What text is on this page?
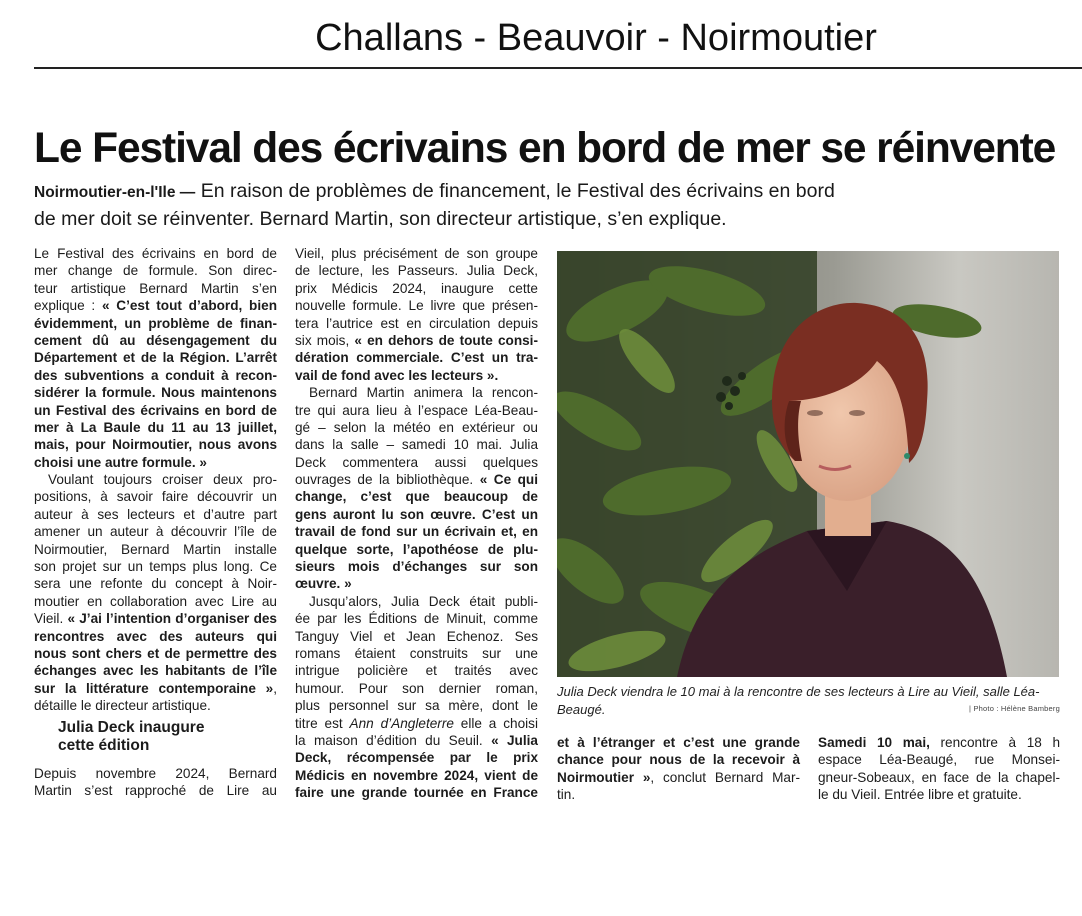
Challans - Beauvoir - Noirmoutier
Le Festival des écrivains en bord de mer se réinvente
Noirmoutier-en-l'Ile — En raison de problèmes de financement, le Festival des écrivains en bord
de mer doit se réinventer. Bernard Martin, son directeur artistique, s’en explique.
Le Festival des écrivains en bord de
mer change de formule. Son direc-
teur artistique Bernard Martin s’en
explique : « C’est tout d’abord, bien
évidemment, un problème de finan-
cement dû au désengagement du
Département et de la Région. L’arrêt
des subventions a conduit à recon-
sidérer la formule. Nous maintenons
un Festival des écrivains en bord de
mer à La Baule du 11 au 13 juillet,
mais, pour Noirmoutier, nous avons
choisi une autre formule. »
Voulant toujours croiser deux pro-
positions, à savoir faire découvrir un
auteur à ses lecteurs et d’autre part
amener un auteur à découvrir l’île de
Noirmoutier, Bernard Martin installe
son projet sur un temps plus long. Ce
sera une refonte du concept à Noir-
moutier en collaboration avec Lire au
Vieil. « J’ai l’intention d’organiser des
rencontres avec des auteurs qui
nous sont chers et de permettre des
échanges avec les habitants de l’île
sur la littérature contemporaine »,
détaille le directeur artistique.
Julia Deck inaugure
cette édition
Depuis novembre 2024, Bernard
Martin s’est rapproché de Lire au
Vieil, plus précisément de son groupe
de lecture, les Passeurs. Julia Deck,
prix Médicis 2024, inaugure cette
nouvelle formule. Le livre que présen-
tera l’autrice est en circulation depuis
six mois, « en dehors de toute consi-
dération commerciale. C’est un tra-
vail de fond avec les lecteurs ».
Bernard Martin animera la rencon-
tre qui aura lieu à l’espace Léa-Beau-
gé – selon la météo en extérieur ou
dans la salle – samedi 10 mai. Julia
Deck commentera aussi quelques
ouvrages de la bibliothèque. « Ce qui
change, c’est que beaucoup de
gens auront lu son œuvre. C’est un
travail de fond sur un écrivain et, en
quelque sorte, l’apothéose de plu-
sieurs mois d’échanges sur son
œuvre. »
Jusqu’alors, Julia Deck était publi-
ée par les Éditions de Minuit, comme
Tanguy Viel et Jean Echenoz. Ses
romans étaient construits sur une
intrigue policière et traités avec
humour. Pour son dernier roman,
plus personnel sur sa mère, dont le
titre est Ann d’Angleterre elle a choisi
la maison d’édition du Seuil. « Julia
Deck, récompensée par le prix
Médicis en novembre 2024, vient de
faire une grande tournée en France
Julia Deck viendra le 10 mai à la rencontre de ses lecteurs à Lire au Vieil, salle Léa-Beaugé.	| Photo : Hélène Bamberg
et à l’étranger et c’est une grande
chance pour nous de la recevoir à
Noirmoutier », conclut Bernard Mar-
tin.
Samedi 10 mai, rencontre à 18 h
espace Léa-Beaugé, rue Monsei-
gneur-Sobeaux, en face de la chapel-
le du Vieil. Entrée libre et gratuite.
